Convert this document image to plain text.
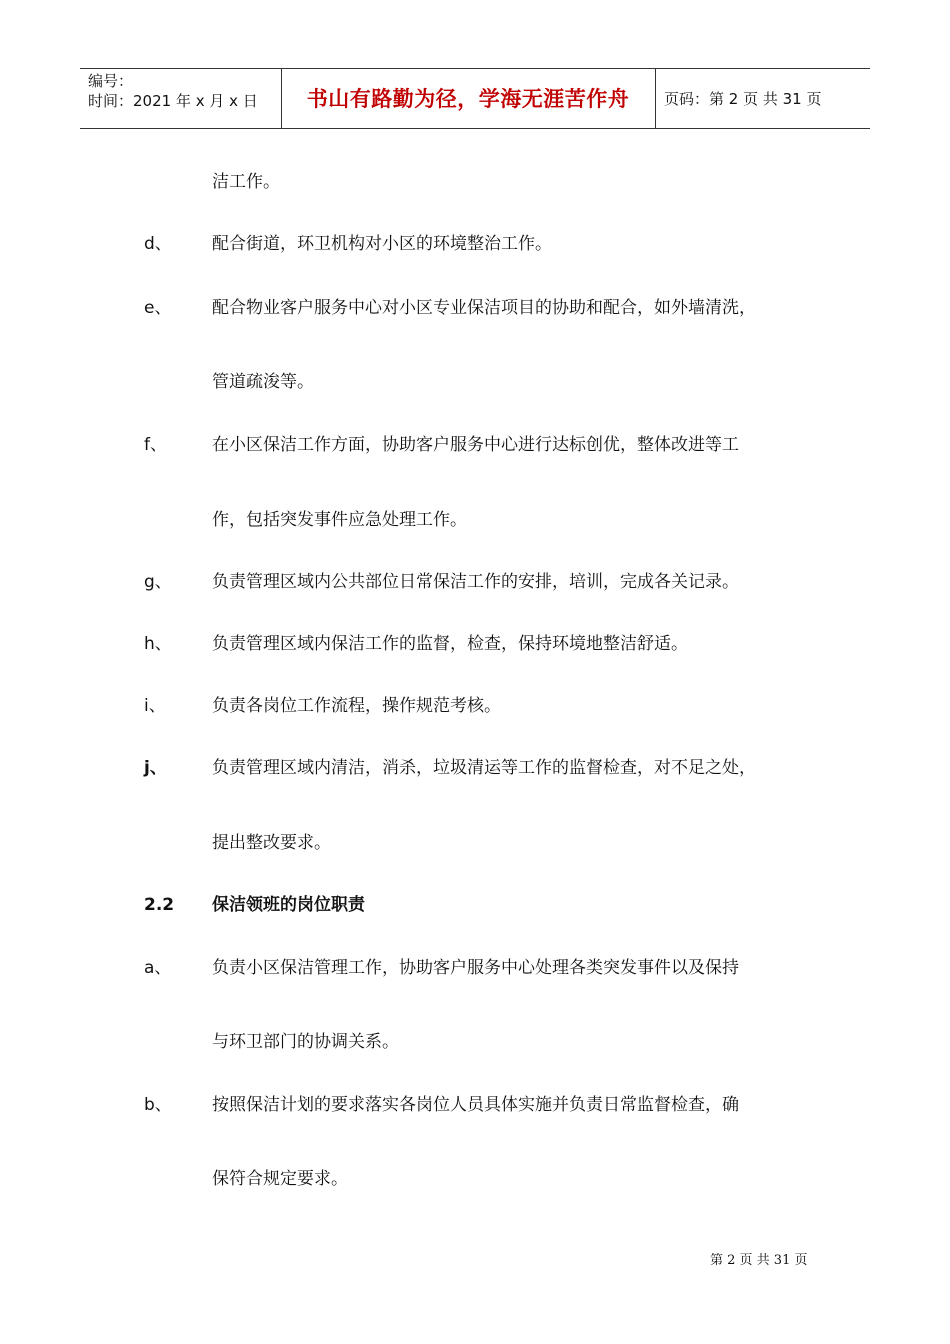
编号：
时间：2021 年 x 月 x 日	书山有路勤为径，学海无涯苦作舟	页码：第 2 页 共 31 页
洁工作。
d、 配合街道，环卫机构对小区的环境整治工作。
e、 配合物业客户服务中心对小区专业保洁项目的协助和配合，如外墙清洗，
管道疏浚等。
f、	在小区保洁工作方面，协助客户服务中心进行达标创优，整体改进等工
作，包括突发事件应急处理工作。
g、 负责管理区域内公共部位日常保洁工作的安排，培训，完成各关记录。
h、 负责管理区域内保洁工作的监督，检查，保持环境地整洁舒适。
i、	负责各岗位工作流程，操作规范考核。
j、	负责管理区域内清洁，消杀，垃圾清运等工作的监督检查，对不足之处，
提出整改要求。
2.2 保洁领班的岗位职责
a、 负责小区保洁管理工作，协助客户服务中心处理各类突发事件以及保持
与环卫部门的协调关系。
b、 按照保洁计划的要求落实各岗位人员具体实施并负责日常监督检查，确
保符合规定要求。
第 2 页 共 31 页
